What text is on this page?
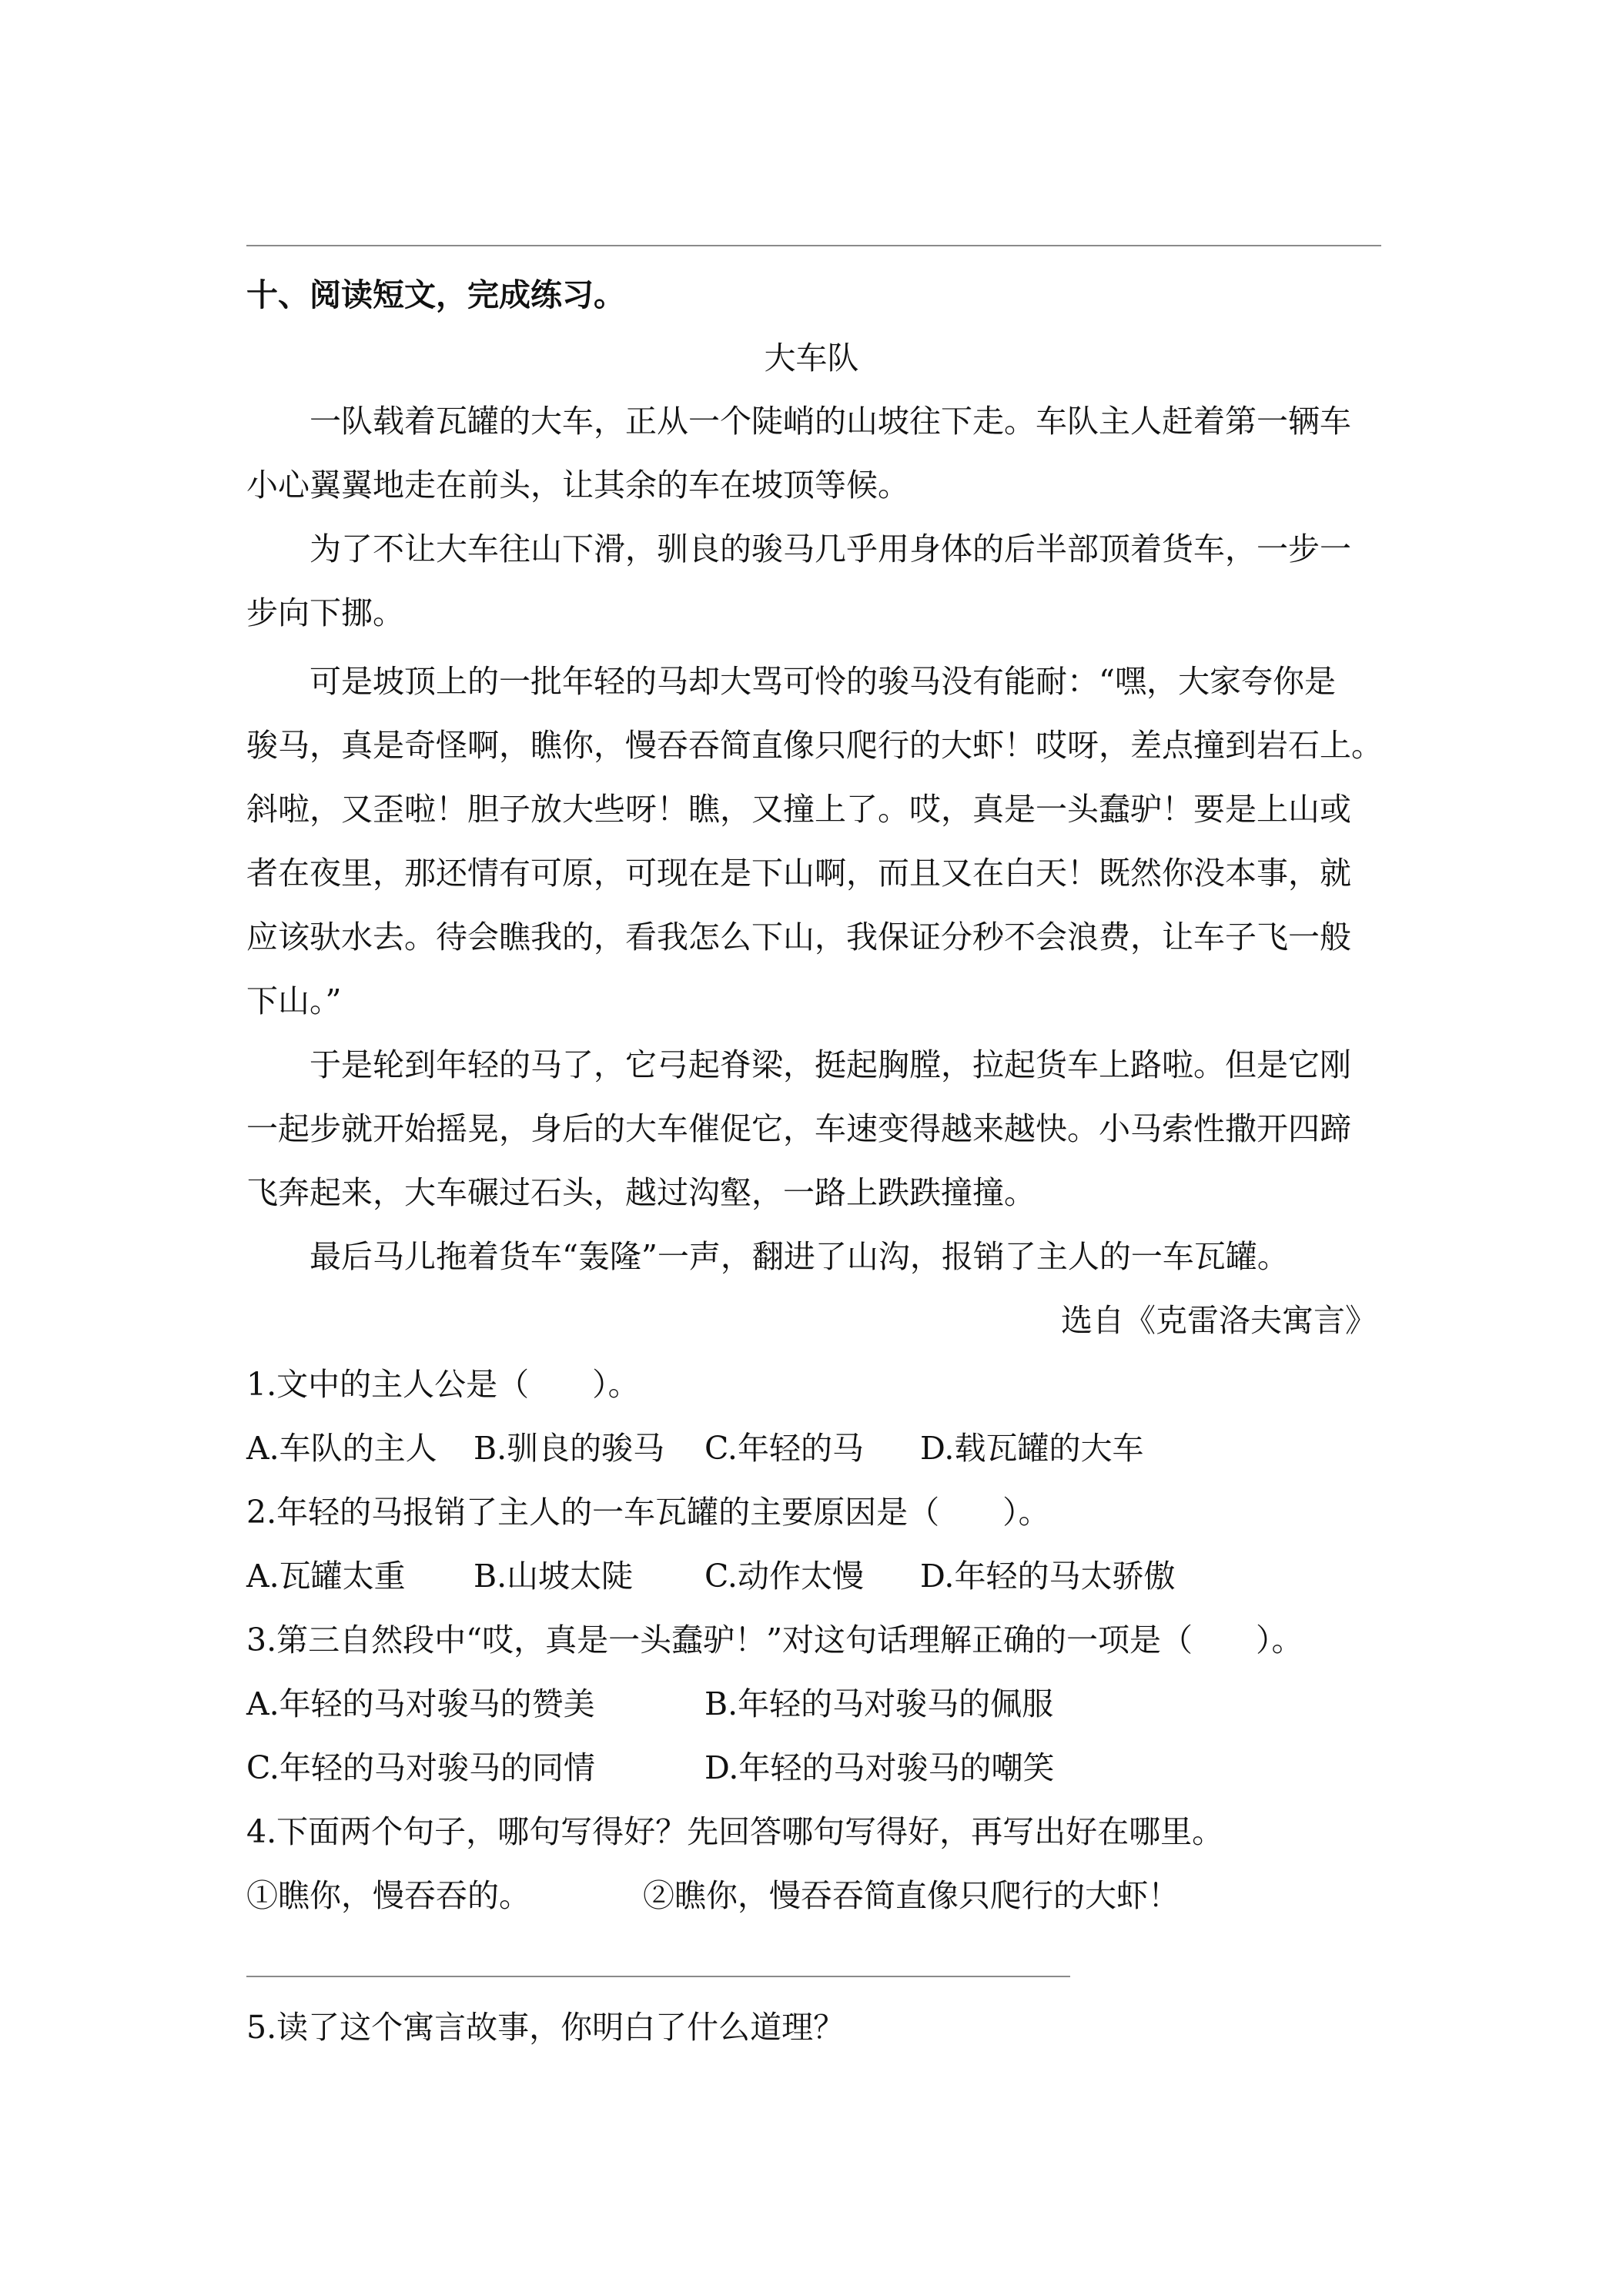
十、阅读短文，完成练习。
大车队
　　一队载着瓦罐的大车，正从一个陡峭的山坡往下走。车队主人赶着第一辆车
小心翼翼地走在前头，让其余的车在坡顶等候。
　　为了不让大车往山下滑，驯良的骏马几乎用身体的后半部顶着货车，一步一
步向下挪。
　　可是坡顶上的一批年轻的马却大骂可怜的骏马没有能耐：“嘿，大家夸你是
骏马，真是奇怪啊，瞧你，慢吞吞简直像只爬行的大虾！哎呀，差点撞到岩石上。
斜啦，又歪啦！胆子放大些呀！瞧，又撞上了。哎，真是一头蠢驴！要是上山或
者在夜里，那还情有可原，可现在是下山啊，而且又在白天！既然你没本事，就
应该驮水去。待会瞧我的，看我怎么下山，我保证分秒不会浪费，让车子飞一般
下山。”
　　于是轮到年轻的马了，它弓起脊梁，挺起胸膛，拉起货车上路啦。但是它刚
一起步就开始摇晃，身后的大车催促它，车速变得越来越快。小马索性撒开四蹄
飞奔起来，大车碾过石头，越过沟壑，一路上跌跌撞撞。
　　最后马儿拖着货车“轰隆”一声，翻进了山沟，报销了主人的一车瓦罐。
选自《克雷洛夫寓言》
1.文中的主人公是（　　）。
A.车队的主人 B.驯良的骏马 C.年轻的马 D.载瓦罐的大车
2.年轻的马报销了主人的一车瓦罐的主要原因是（　　）。
A.瓦罐太重 B.山坡太陡 C.动作太慢 D.年轻的马太骄傲
3.第三自然段中“哎，真是一头蠢驴！”对这句话理解正确的一项是（　　）。
A.年轻的马对骏马的赞美	B.年轻的马对骏马的佩服
C.年轻的马对骏马的同情	D.年轻的马对骏马的嘲笑
4.下面两个句子，哪句写得好？先回答哪句写得好，再写出好在哪里。
①瞧你，慢吞吞的。	②瞧你，慢吞吞简直像只爬行的大虾！
5.读了这个寓言故事，你明白了什么道理？
